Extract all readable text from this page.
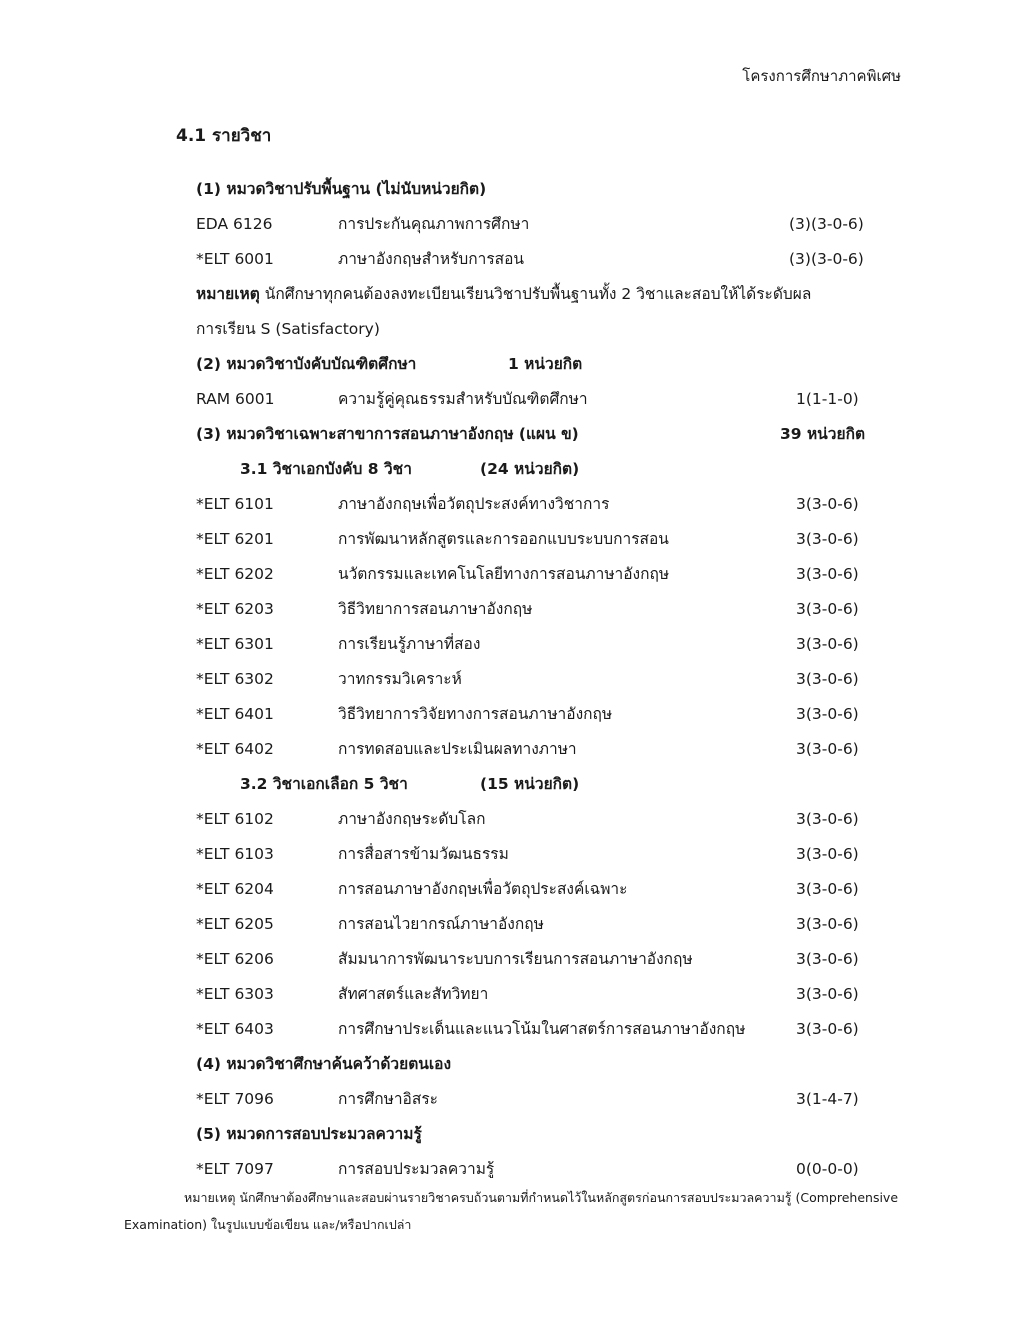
โครงการศึกษาภาคพิเศษ
4.1 รายวิชา
(1) หมวดวิชาปรับพื้นฐาน (ไม่นับหน่วยกิต)
EDA 6126	การประกันคุณภาพการศึกษา	(3)(3-0-6)
*ELT 6001	ภาษาอังกฤษสำหรับการสอน	(3)(3-0-6)
หมายเหตุ นักศึกษาทุกคนต้องลงทะเบียนเรียนวิชาปรับพื้นฐานทั้ง 2 วิชาและสอบให้ได้ระดับผล
การเรียน S (Satisfactory)
(2) หมวดวิชาบังคับบัณฑิตศึกษา	1 หน่วยกิต
RAM 6001	ความรู้คู่คุณธรรมสำหรับบัณฑิตศึกษา	1(1-1-0)
(3) หมวดวิชาเฉพาะสาขาการสอนภาษาอังกฤษ (แผน ข)	39 หน่วยกิต
3.1 วิชาเอกบังคับ 8 วิชา	(24 หน่วยกิต)
*ELT 6101	ภาษาอังกฤษเพื่อวัตถุประสงค์ทางวิชาการ	3(3-0-6)
*ELT 6201	การพัฒนาหลักสูตรและการออกแบบระบบการสอน	3(3-0-6)
*ELT 6202	นวัตกรรมและเทคโนโลยีทางการสอนภาษาอังกฤษ	3(3-0-6)
*ELT 6203	วิธีวิทยาการสอนภาษาอังกฤษ	3(3-0-6)
*ELT 6301	การเรียนรู้ภาษาที่สอง	3(3-0-6)
*ELT 6302	วาทกรรมวิเคราะห์	3(3-0-6)
*ELT 6401	วิธีวิทยาการวิจัยทางการสอนภาษาอังกฤษ	3(3-0-6)
*ELT 6402	การทดสอบและประเมินผลทางภาษา	3(3-0-6)
3.2 วิชาเอกเลือก 5 วิชา	(15 หน่วยกิต)
*ELT 6102	ภาษาอังกฤษระดับโลก	3(3-0-6)
*ELT 6103	การสื่อสารข้ามวัฒนธรรม	3(3-0-6)
*ELT 6204	การสอนภาษาอังกฤษเพื่อวัตถุประสงค์เฉพาะ	3(3-0-6)
*ELT 6205	การสอนไวยากรณ์ภาษาอังกฤษ	3(3-0-6)
*ELT 6206	สัมมนาการพัฒนาระบบการเรียนการสอนภาษาอังกฤษ	3(3-0-6)
*ELT 6303	สัทศาสตร์และสัทวิทยา	3(3-0-6)
*ELT 6403	การศึกษาประเด็นและแนวโน้มในศาสตร์การสอนภาษาอังกฤษ	3(3-0-6)
(4) หมวดวิชาศึกษาค้นคว้าด้วยตนเอง
*ELT 7096	การศึกษาอิสระ	3(1-4-7)
(5) หมวดการสอบประมวลความรู้
*ELT 7097	การสอบประมวลความรู้	0(0-0-0)
หมายเหตุ นักศึกษาต้องศึกษาและสอบผ่านรายวิชาครบถ้วนตามที่กำหนดไว้ในหลักสูตรก่อนการสอบประมวลความรู้ (Comprehensive Examination) ในรูปแบบข้อเขียน และ/หรือปากเปล่า
